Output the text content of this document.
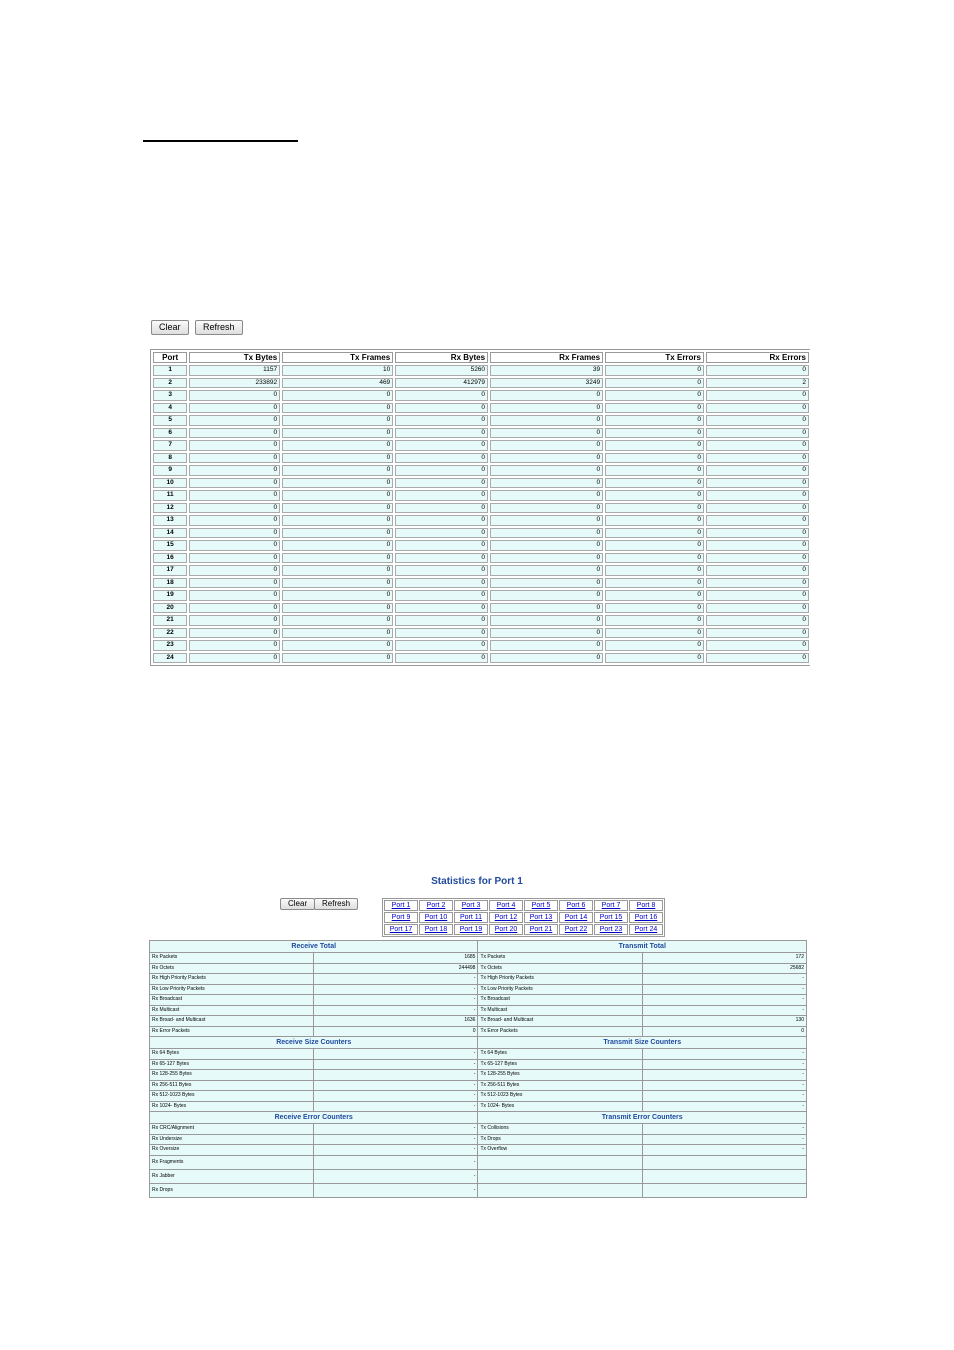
Clear	Refresh
Port	Tx Bytes	Tx Frames	Rx Bytes	Rx Frames	Tx Errors	Rx Errors
1	1157	10	5260	39	0	0
2	233892	469	412979	3249	0	2
3	0	0	0	0	0	0
4	0	0	0	0	0	0
5	0	0	0	0	0	0
6	0	0	0	0	0	0
7	0	0	0	0	0	0
8	0	0	0	0	0	0
9	0	0	0	0	0	0
10	0	0	0	0	0	0
11	0	0	0	0	0	0
12	0	0	0	0	0	0
13	0	0	0	0	0	0
14	0	0	0	0	0	0
15	0	0	0	0	0	0
16	0	0	0	0	0	0
17	0	0	0	0	0	0
18	0	0	0	0	0	0
19	0	0	0	0	0	0
20	0	0	0	0	0	0
21	0	0	0	0	0	0
22	0	0	0	0	0	0
23	0	0	0	0	0	0
24	0	0	0	0	0	0
Statistics for Port 1
Clear	Refresh	Port 1	Port 2	Port 3	Port 4	Port 5	Port 6	Port 7	Port 8
Port 9	Port 10	Port 11	Port 12	Port 13	Port 14	Port 15	Port 16
Port 17	Port 18	Port 19	Port 20	Port 21	Port 22	Port 23	Port 24
Receive Total		Transmit Total	
Rx Packets	1685	Tx Packets	172
Rx Octets	244498	Tx Octets	25682
Rx High Priority Packets	-	Tx High Priority Packets	-
Rx Low Priority Packets	-	Tx Low Priority Packets	-
Rx Broadcast	-	Tx Broadcast	-
Rx Multicast	-	Tx Multicast	-
Rx Broad- and Multicast	1636	Tx Broad- and Multicast	130
Rx Error Packets	0	Tx Error Packets	0
Receive Size Counters		Transmit Size Counters	
Rx 64 Bytes	-	Tx 64 Bytes	-
Rx 65-127 Bytes	-	Tx 65-127 Bytes	-
Rx 128-255 Bytes	-	Tx 128-255 Bytes	-
Rx 256-511 Bytes	-	Tx 256-511 Bytes	-
Rx 512-1023 Bytes	-	Tx 512-1023 Bytes	-
Rx 1024- Bytes	-	Tx 1024- Bytes	-
Receive Error Counters		Transmit Error Counters	
Rx CRC/Alignment	-	Tx Collisions	-
Rx Undersize	-	Tx Drops	-
Rx Oversize	-	Tx Overflow	-
Rx Fragments	-		
Rx Jabber	-		
Rx Drops	-		
